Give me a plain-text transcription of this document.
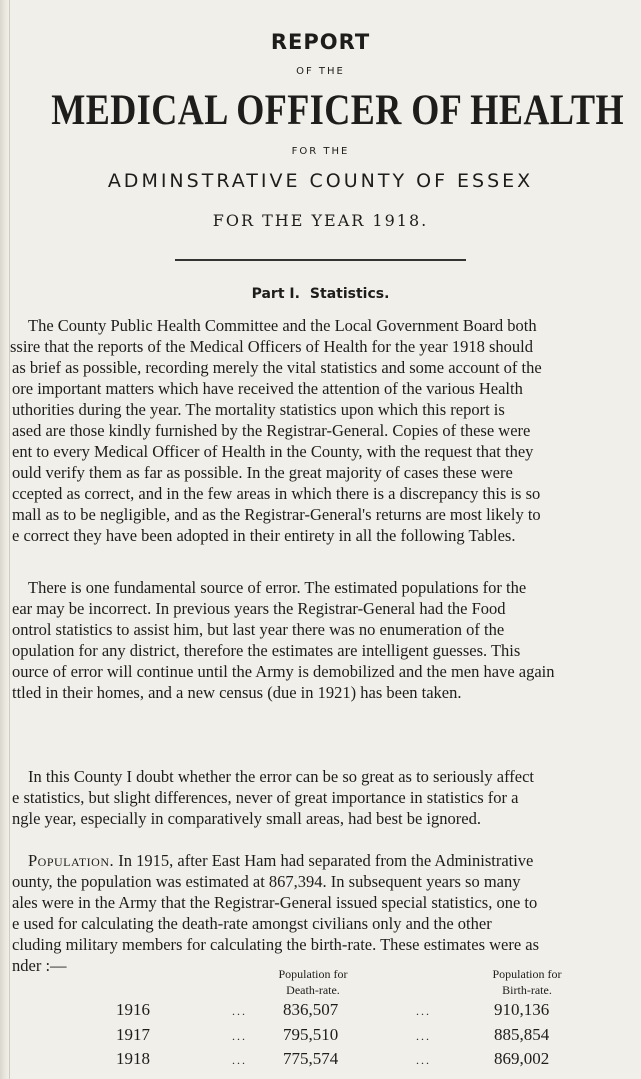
REPORT
OF THE
MEDICAL OFFICER OF HEALTH
FOR THE
ADMINSTRATIVE COUNTY OF ESSEX
FOR THE YEAR 1918.
Part I. Statistics.
The County Public Health Committee and the Local Government Board both
ssire that the reports of the Medical Officers of Health for the year 1918 should
as brief as possible, recording merely the vital statistics and some account of the
ore important matters which have received the attention of the various Health
uthorities during the year. The mortality statistics upon which this report is
ased are those kindly furnished by the Registrar-General. Copies of these were
ent to every Medical Officer of Health in the County, with the request that they
ould verify them as far as possible. In the great majority of cases these were
ccepted as correct, and in the few areas in which there is a discrepancy this is so
mall as to be negligible, and as the Registrar-General's returns are most likely to
e correct they have been adopted in their entirety in all the following Tables.
There is one fundamental source of error. The estimated populations for the
ear may be incorrect. In previous years the Registrar-General had the Food
ontrol statistics to assist him, but last year there was no enumeration of the
opulation for any district, therefore the estimates are intelligent guesses. This
ource of error will continue until the Army is demobilized and the men have again
ttled in their homes, and a new census (due in 1921) has been taken.
In this County I doubt whether the error can be so great as to seriously affect
e statistics, but slight differences, never of great importance in statistics for a
ngle year, especially in comparatively small areas, had best be ignored.
Population. In 1915, after East Ham had separated from the Administrative
ounty, the population was estimated at 867,394. In subsequent years so many
ales were in the Army that the Registrar-General issued special statistics, one to
e used for calculating the death-rate amongst civilians only and the other
cluding military members for calculating the birth-rate. These estimates were as
nder :—	Population for
Death-rate.
Population for
Birth-rate.
1916	... 836,507	...	910,136
1917	... 795,510	...	885,854
1918	... 775,574	...	869,002
